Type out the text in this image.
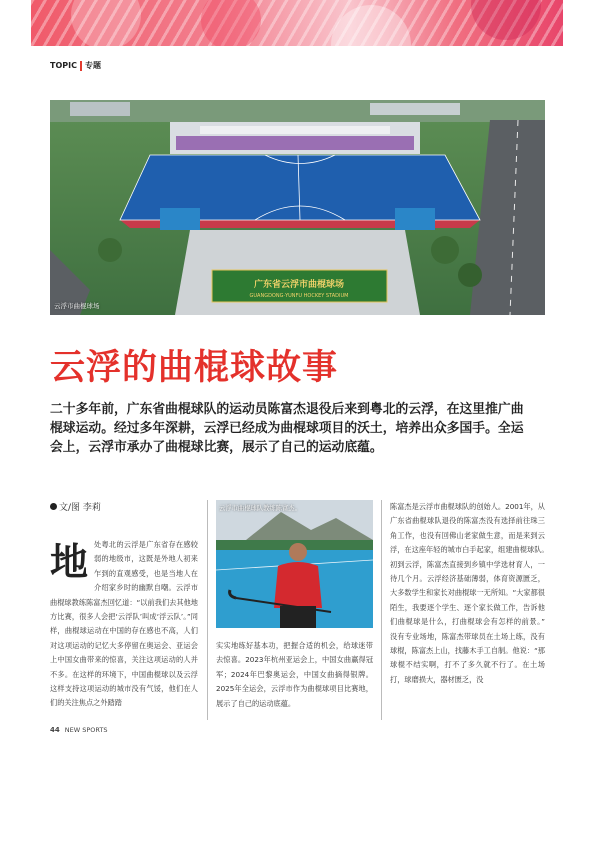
TOPIC 专题
广东省云浮市曲棍球场
GUANGDONG·YUNFU HOCKEY STADIUM
云浮市曲棍球场
云浮的曲棍球故事
二十多年前，广东省曲棍球队的运动员陈富杰退役后来到粤北的云浮，在这里推广曲棍球运动。经过多年深耕，云浮已经成为曲棍球项目的沃土，培养出众多国手。全运会上，云浮市承办了曲棍球比赛，展示了自己的运动底蕴。
文/图 李莉
地 处粤北的云浮是广东省存在感较弱的地级市，这既是外地人初来乍到的直观感受，也是当地人在介绍家乡时的幽默自嘲。云浮市曲棍球教练陈富杰回忆道：“以前我们去其他地方比赛，很多人会把‘云浮队’叫成‘浮云队’。”同样，曲棍球运动在中国的存在感也不高，人们对这项运动的记忆大多停留在奥运会、亚运会上中国女曲带来的惊喜，关注这项运动的人并不多。在这样的环境下，中国曲棍球以及云浮这样支持这项运动的城市没有气馁，他们在人们的关注焦点之外踏踏
云浮市曲棍球队教练陈富杰。
实实地练好基本功，把握合适的机会，给球迷带去惊喜。2023年杭州亚运会上，中国女曲赢得冠军；2024年巴黎奥运会，中国女曲摘得银牌。2025年全运会，云浮市作为曲棍球项目比赛地，展示了自己的运动底蕴。
陈富杰是云浮市曲棍球队的创始人。2001年，从广东省曲棍球队退役的陈富杰没有选择前往珠三角工作，也没有回佛山老家做生意，而是来到云浮，在这座年轻的城市白手起家，组建曲棍球队。　初到云浮，陈富杰直接到乡镇中学选材育人，一待几个月。云浮经济基础薄弱，体育资源匮乏，大多数学生和家长对曲棍球一无所知。“大家都很陌生，我要逐个学生、逐个家长做工作，告诉他们曲棍球是什么，打曲棍球会有怎样的前景。”　没有专业场地，陈富杰带球员在土场上练，没有球棍，陈富杰上山，找藤木手工自制。他说：“那球棍不结实啊，打不了多久就不行了。在土场打，球磨损大，器材匮乏，没
44 NEW SPORTS
